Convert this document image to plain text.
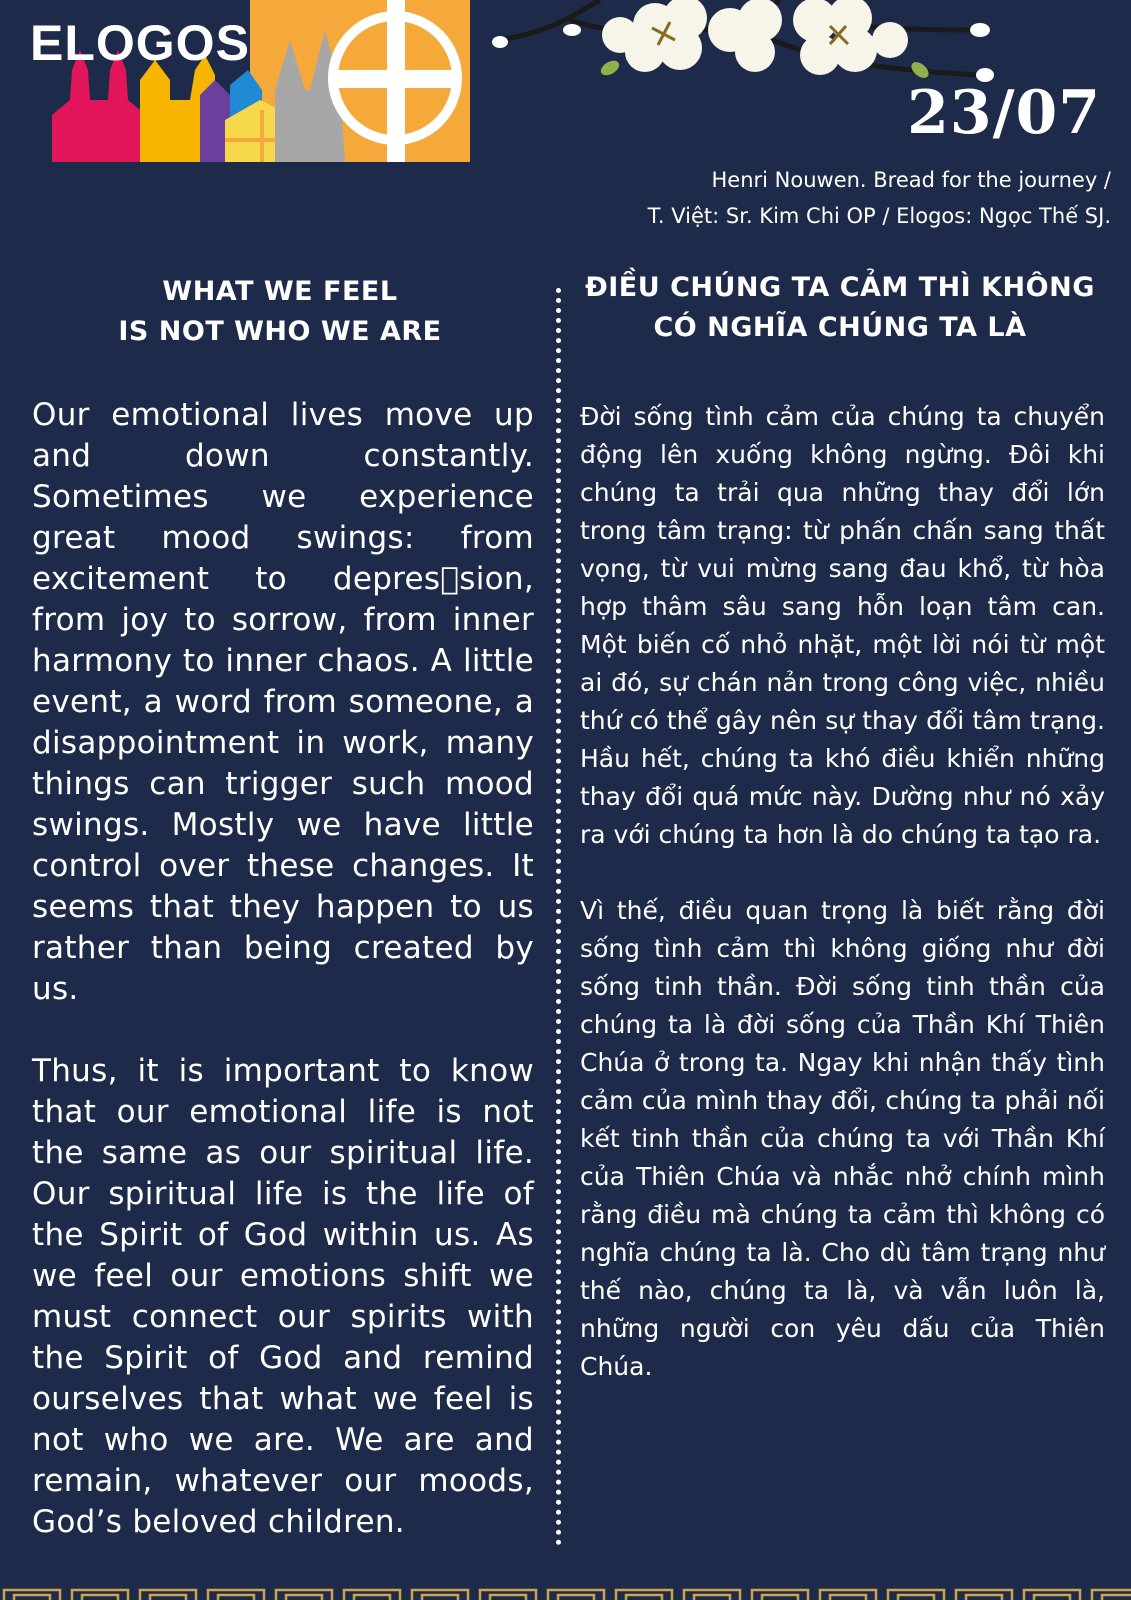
ELOGOS
23/07
Henri Nouwen. Bread for the journey /
T. Việt: Sr. Kim Chi OP / Elogos: Ngọc Thế SJ.
WHAT WE FEEL
IS NOT WHO WE ARE
ĐIỀU CHÚNG TA CẢM THÌ KHÔNG
CÓ NGHĨA CHÚNG TA LÀ

Our emotional lives move up and down constantly. Sometimes we experience great mood swings: from excitement to depres sion, from joy to sorrow, from inner harmony to inner chaos. A little event, a word from someone, a disappointment in work, many things can trigger such mood swings. Mostly we have little control over these changes. It seems that they happen to us rather than being created by us.

Thus, it is important to know that our emotional life is not the same as our spiritual life. Our spiritual life is the life of the Spirit of God within us. As we feel our emotions shift we must connect our spirits with the Spirit of God and remind ourselves that what we feel is not who we are. We are and remain, whatever our moods, God’s beloved children.

Đời sống tình cảm của chúng ta chuyển động lên xuống không ngừng. Đôi khi chúng ta trải qua những thay đổi lớn trong tâm trạng: từ phấn chấn sang thất vọng, từ vui mừng sang đau khổ, từ hòa hợp thâm sâu sang hỗn loạn tâm can. Một biến cố nhỏ nhặt, một lời nói từ một ai đó, sự chán nản trong công việc, nhiều thứ có thể gây nên sự thay đổi tâm trạng. Hầu hết, chúng ta khó điều khiển những thay đổi quá mức này. Dường như nó xảy ra với chúng ta hơn là do chúng ta tạo ra.

Vì thế, điều quan trọng là biết rằng đời sống tình cảm thì không giống như đời sống tinh thần. Đời sống tinh thần của chúng ta là đời sống của Thần Khí Thiên Chúa ở trong ta. Ngay khi nhận thấy tình cảm của mình thay đổi, chúng ta phải nối kết tinh thần của chúng ta với Thần Khí của Thiên Chúa và nhắc nhở chính mình rằng điều mà chúng ta cảm thì không có nghĩa chúng ta là. Cho dù tâm trạng như thế nào, chúng ta là, và vẫn luôn là, những người con yêu dấu của Thiên Chúa.
